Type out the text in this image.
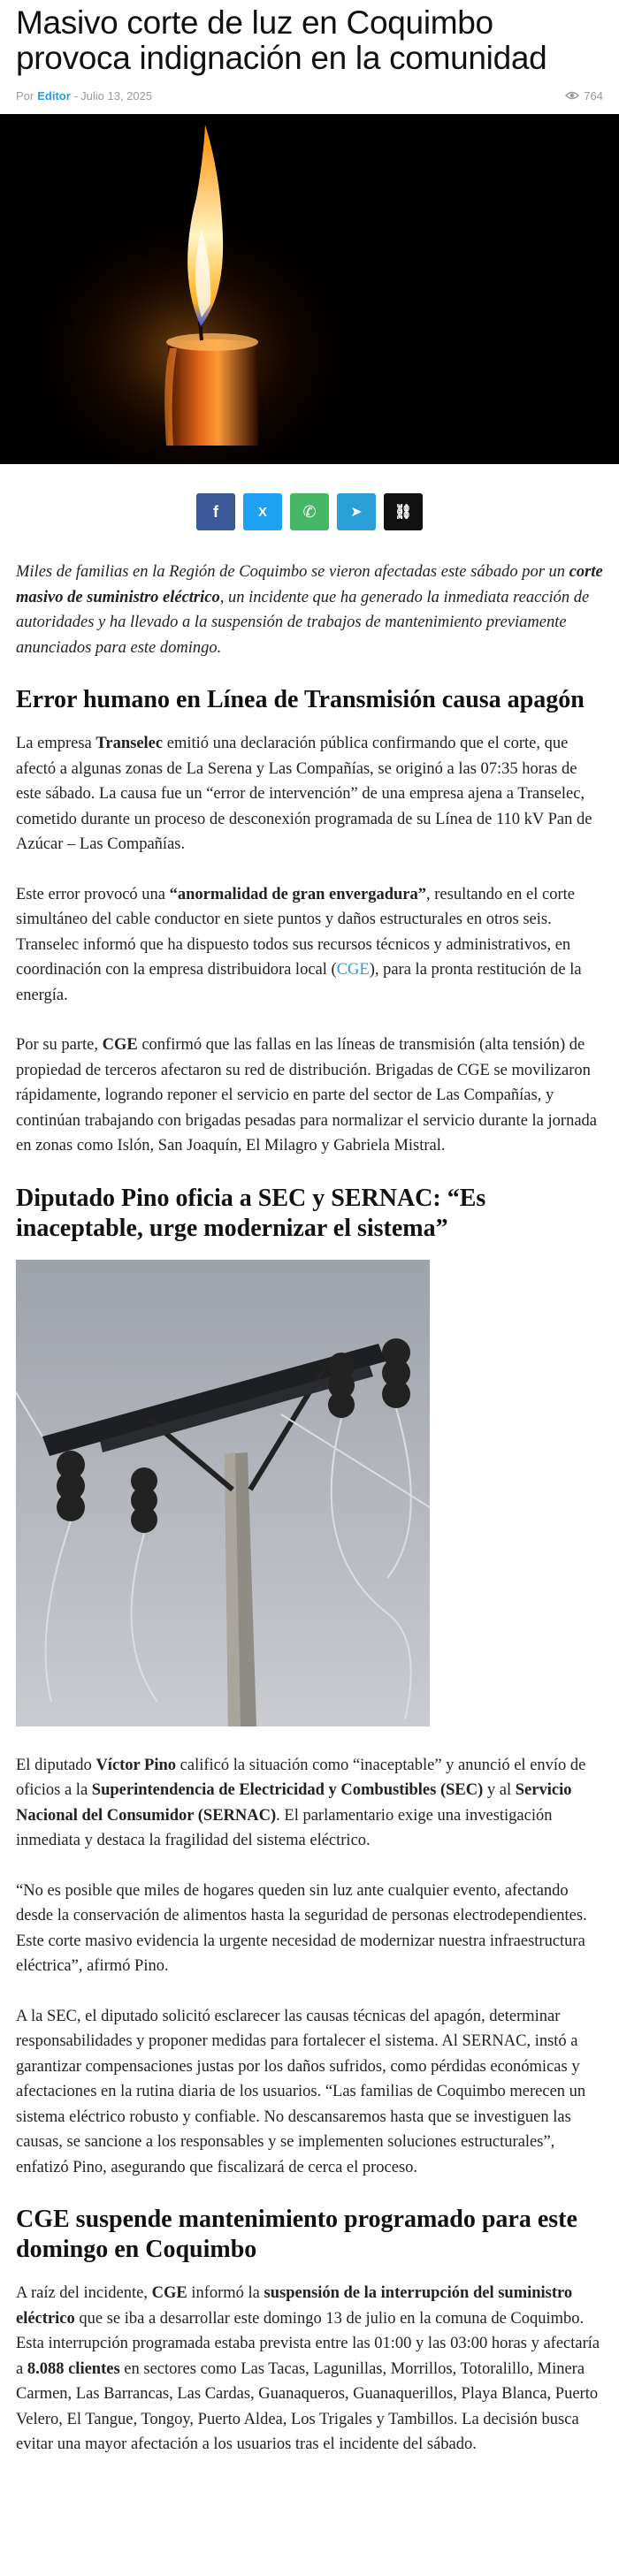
Masivo corte de luz en Coquimbo provoca indignación en la comunidad
Por Editor - Julio 13, 2025	764
f	X ✆ ➤ ⛓

Miles de familias en la Región de Coquimbo se vieron afectadas este sábado por un corte masivo de suministro eléctrico, un incidente que ha generado la inmediata reacción de autoridades y ha llevado a la suspensión de trabajos de mantenimiento previamente anunciados para este domingo.

Error humano en Línea de Transmisión causa apagón

La empresa Transelec emitió una declaración pública confirmando que el corte, que afectó a algunas zonas de La Serena y Las Compañías, se originó a las 07:35 horas de este sábado. La causa fue un “error de intervención” de una empresa ajena a Transelec, cometido durante un proceso de desconexión programada de su Línea de 110 kV Pan de Azúcar – Las Compañías.

Este error provocó una “anormalidad de gran envergadura”, resultando en el corte simultáneo del cable conductor en siete puntos y daños estructurales en otros seis. Transelec informó que ha dispuesto todos sus recursos técnicos y administrativos, en coordinación con la empresa distribuidora local (CGE), para la pronta restitución de la energía.

Por su parte, CGE confirmó que las fallas en las líneas de transmisión (alta tensión) de propiedad de terceros afectaron su red de distribución. Brigadas de CGE se movilizaron rápidamente, logrando reponer el servicio en parte del sector de Las Compañías, y continúan trabajando con brigadas pesadas para normalizar el servicio durante la jornada en zonas como Islón, San Joaquín, El Milagro y Gabriela Mistral.

Diputado Pino oficia a SEC y SERNAC: “Es inaceptable, urge modernizar el sistema”

El diputado Víctor Pino calificó la situación como “inaceptable” y anunció el envío de oficios a la Superintendencia de Electricidad y Combustibles (SEC) y al Servicio Nacional del Consumidor (SERNAC). El parlamentario exige una investigación inmediata y destaca la fragilidad del sistema eléctrico.

“No es posible que miles de hogares queden sin luz ante cualquier evento, afectando desde la conservación de alimentos hasta la seguridad de personas electrodependientes. Este corte masivo evidencia la urgente necesidad de modernizar nuestra infraestructura eléctrica”, afirmó Pino.

A la SEC, el diputado solicitó esclarecer las causas técnicas del apagón, determinar responsabilidades y proponer medidas para fortalecer el sistema. Al SERNAC, instó a garantizar compensaciones justas por los daños sufridos, como pérdidas económicas y afectaciones en la rutina diaria de los usuarios. “Las familias de Coquimbo merecen un sistema eléctrico robusto y confiable. No descansaremos hasta que se investiguen las causas, se sancione a los responsables y se implementen soluciones estructurales”, enfatizó Pino, asegurando que fiscalizará de cerca el proceso.

CGE suspende mantenimiento programado para este domingo en Coquimbo

A raíz del incidente, CGE informó la suspensión de la interrupción del suministro eléctrico que se iba a desarrollar este domingo 13 de julio en la comuna de Coquimbo. Esta interrupción programada estaba prevista entre las 01:00 y las 03:00 horas y afectaría a 8.088 clientes en sectores como Las Tacas, Lagunillas, Morrillos, Totoralillo, Minera Carmen, Las Barrancas, Las Cardas, Guanaqueros, Guanaquerillos, Playa Blanca, Puerto Velero, El Tangue, Tongoy, Puerto Aldea, Los Trigales y Tambillos. La decisión busca evitar una mayor afectación a los usuarios tras el incidente del sábado.
